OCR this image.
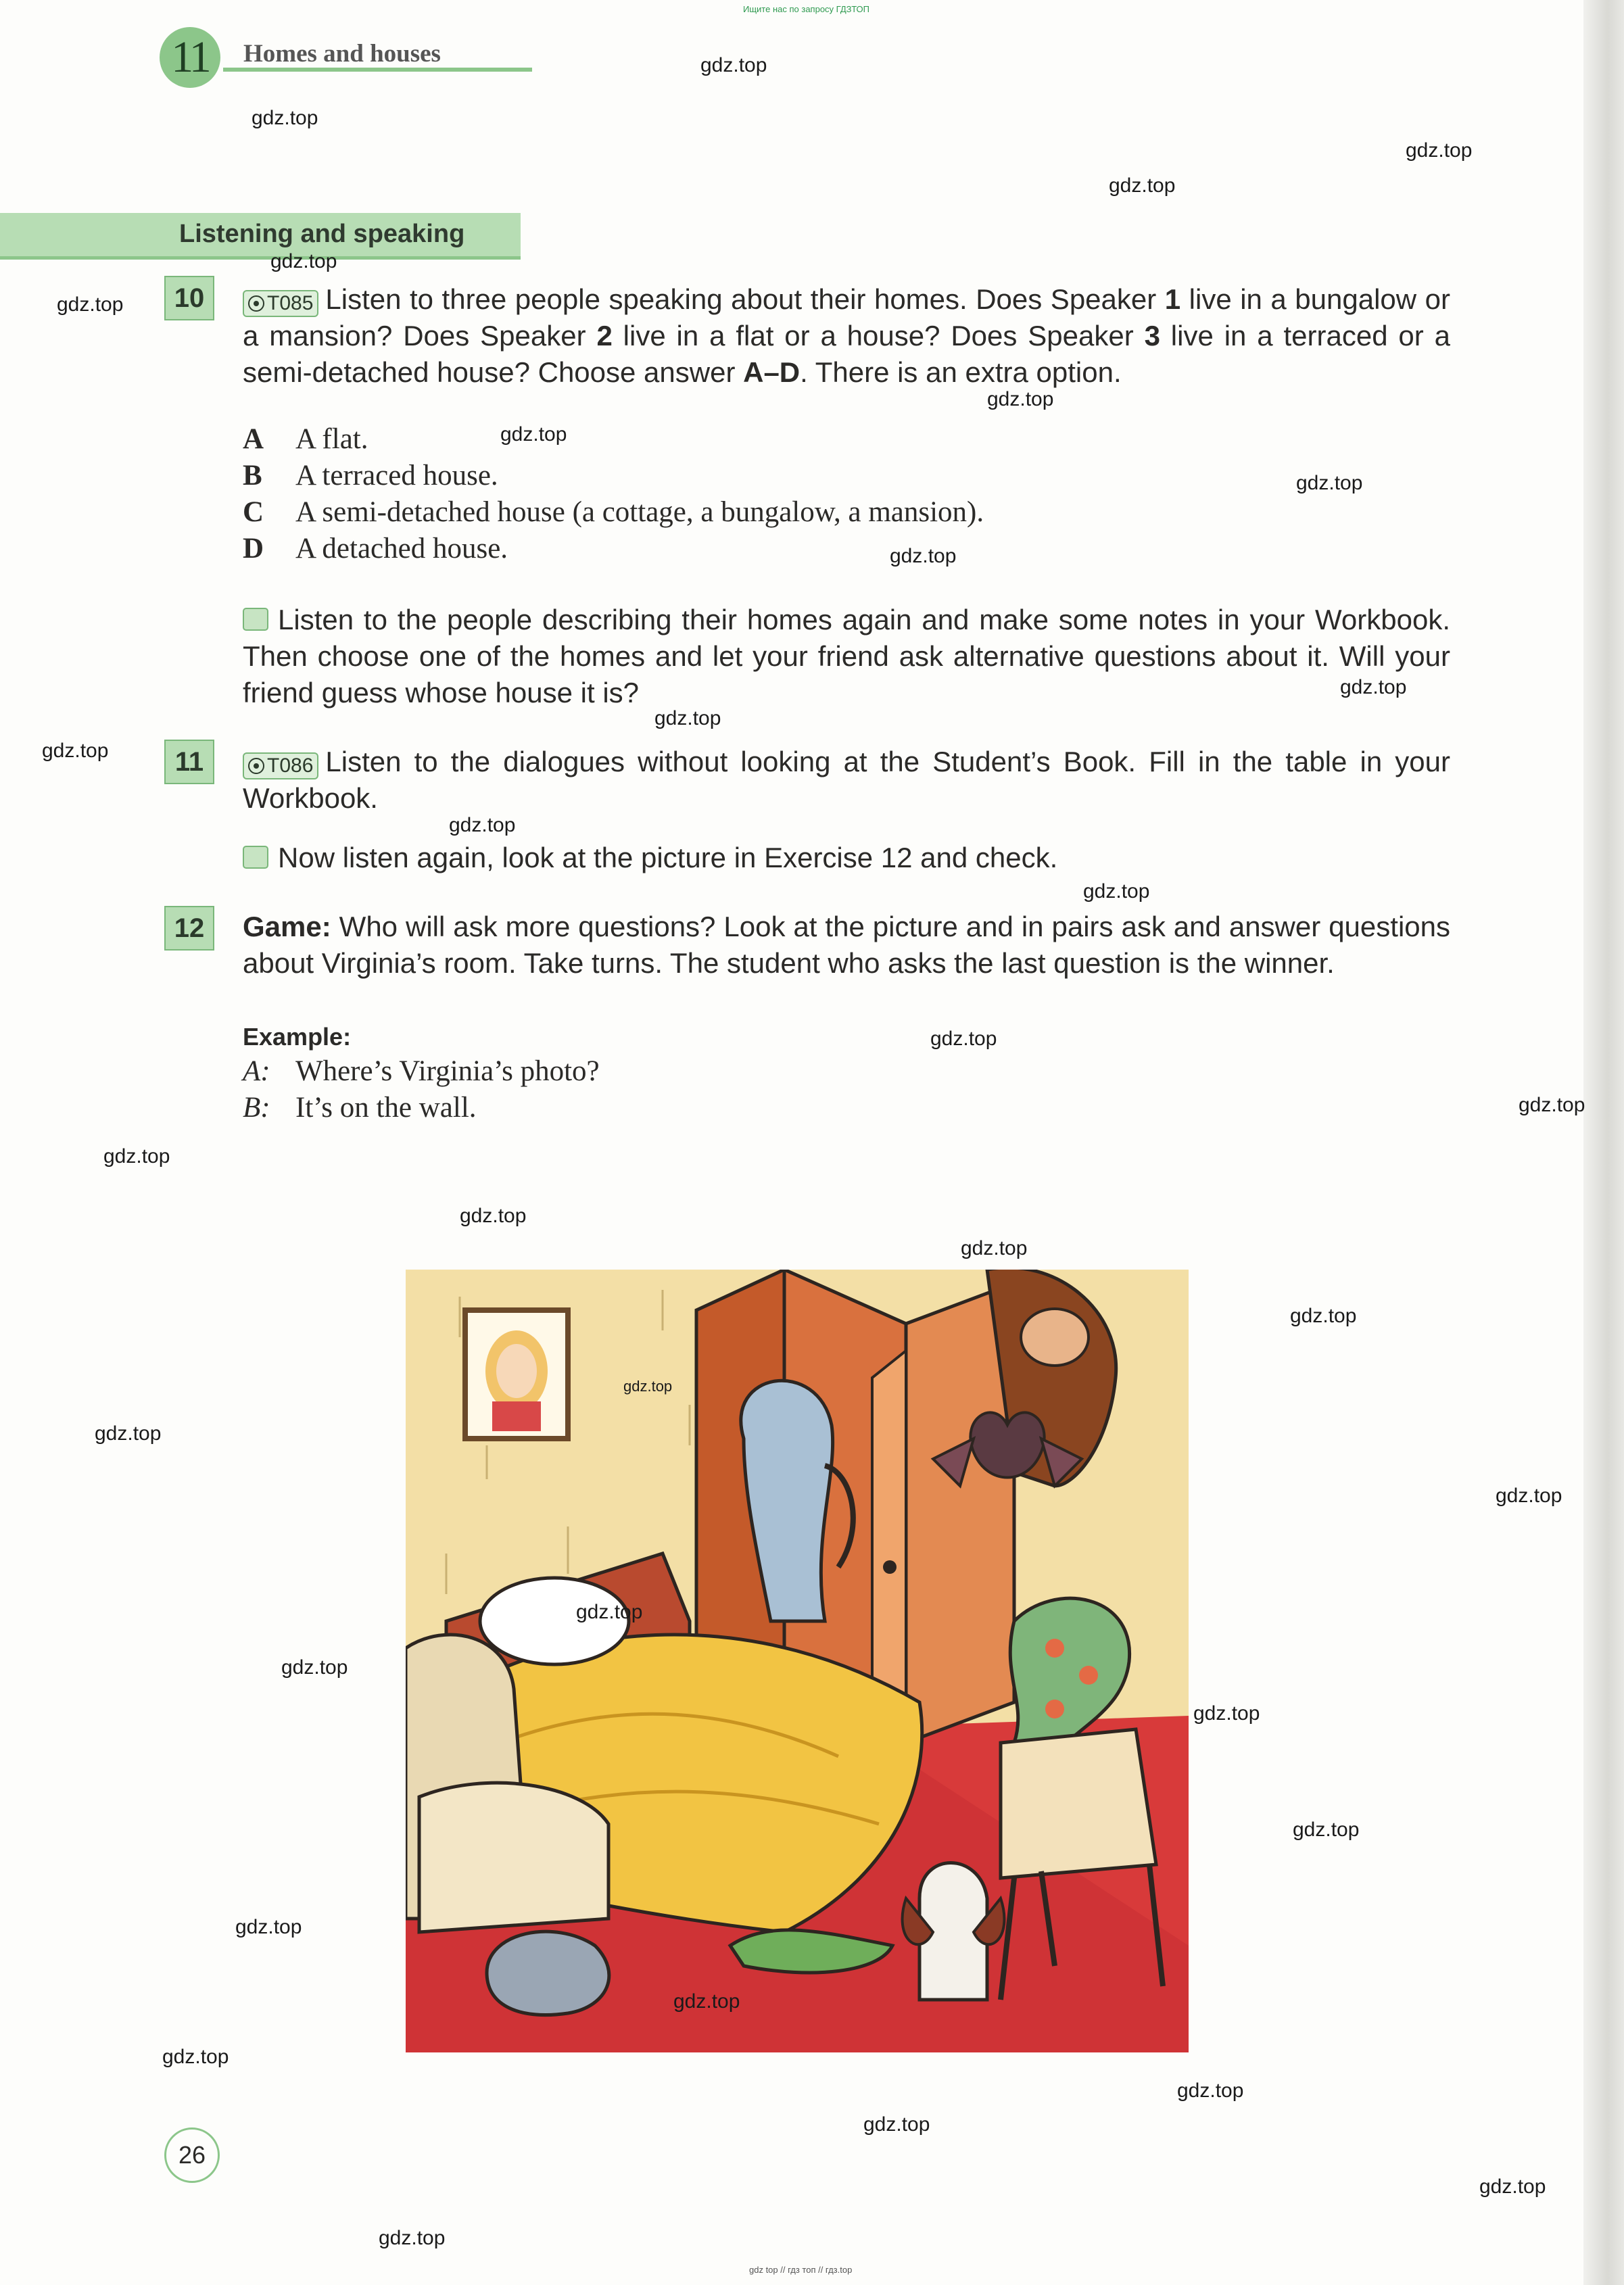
Ищите нас по запросу ГДЗТОП
11	Homes and houses
Listening and speaking
10	T085 Listen to three people speaking about their homes. Does Speaker 1 live in a bungalow or a mansion? Does Speaker 2 live in a flat or a house? Does Speaker 3 live in a terraced or a semi-detached house? Choose answer A–D. There is an extra option.
A A flat.
B A terraced house.
C A semi-detached house (a cottage, a bungalow, a mansion).
D A detached house.
Listen to the people describing their homes again and make some notes in your Workbook. Then choose one of the homes and let your friend ask alternative questions about it. Will your friend guess whose house it is?
11	T086 Listen to the dialogues without looking at the Student’s Book. Fill in the table in your Workbook.
Now listen again, look at the picture in Exercise 12 and check.
12	Game: Who will ask more questions? Look at the picture and in pairs ask and answer questions about Virginia’s room. Take turns. The student who asks the last question is the winner.
Example:
A: Where’s Virginia’s photo?
B: It’s on the wall.
gdz.top
gdz.top
gdz.top
gdz.top
gdz.top
gdz.top
gdz.top
gdz.top
gdz.top
gdz.top
gdz.top
gdz.top
gdz.top
gdz.top
gdz.top
gdz.top
gdz.top
gdz.top
gdz.top
gdz.top
gdz.top
gdz.top
gdz.top
gdz.top
gdz.top
gdz.top
gdz.top
gdz.top
gdz.top
gdz.top
gdz.top
gdz.top
gdz.top
gdz.top
gdz.top
26
gdz top // гдз топ // гдз.top
